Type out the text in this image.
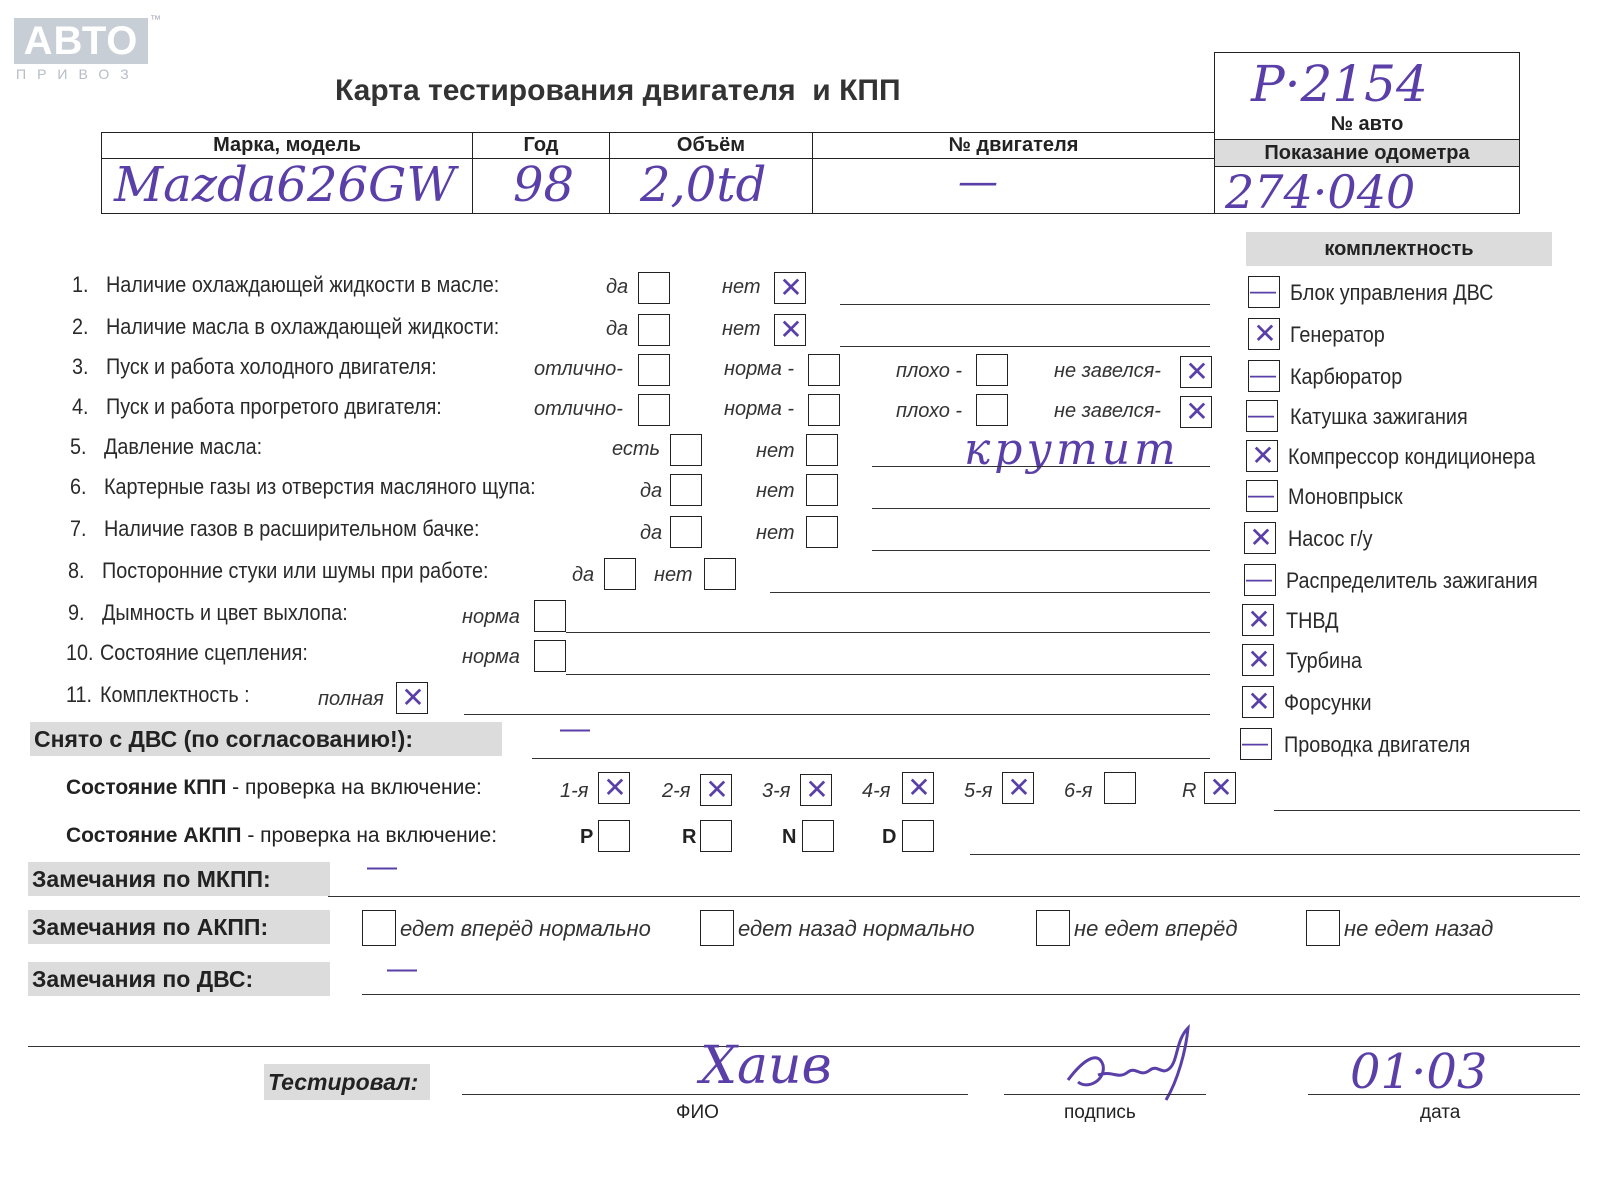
АВТО	™
ПРИВОЗ	Карта тестирования двигателя  и КПП	Р·2154
№ авто
Показание одометра
274·040
Марка, модель	Год	Объём	№ двигателя

Mazda626GW	98	2,0td	—
комплектность
— Блок управления ДВС
✕ Генератор
— Карбюратор
— Катушка зажигания
✕ Компрессор кондиционера
— Моновпрыск
✕ Насос г/у
— Распределитель зажигания
✕ ТНВД
✕ Турбина
✕ Форсунки
— Проводка двигателя
1. Наличие охлаждающей жидкости в масле:	да	нет ✕
2. Наличие масла в охлаждающей жидкости:	да	нет ✕
3. Пуск и работа холодного двигателя:	отлично-	норма -	плохо -	не завелся- ✕
4. Пуск и работа прогретого двигателя:	отлично-	норма -	плохо -	не завелся- ✕
5. Давление масла:	есть	нет	крутит
6. Картерные газы из отверстия масляного щупа:	да	нет
7. Наличие газов в расширительном бачке:	да	нет
8. Посторонние стуки или шумы при работе:	да	нет
9. Дымность и цвет выхлопа:	норма
10. Состояние сцепления:	норма
11. Комплектность :	полная ✕
Снято с ДВС (по согласованию!):	—
Состояние КПП - проверка на включение:	1-я ✕ 2-я ✕ 3-я ✕ 4-я ✕ 5-я ✕ 6-я	R ✕
Состояние АКПП - проверка на включение:	P	R	N	D
Замечания по МКПП:	—
Замечания по АКПП:	едет вперёд нормально	едет назад нормально	не едет вперёд	не едет назад
Замечания по ДВС:	—
Тестировал:	Хаив
ФИО	подпись
01·03
дата
